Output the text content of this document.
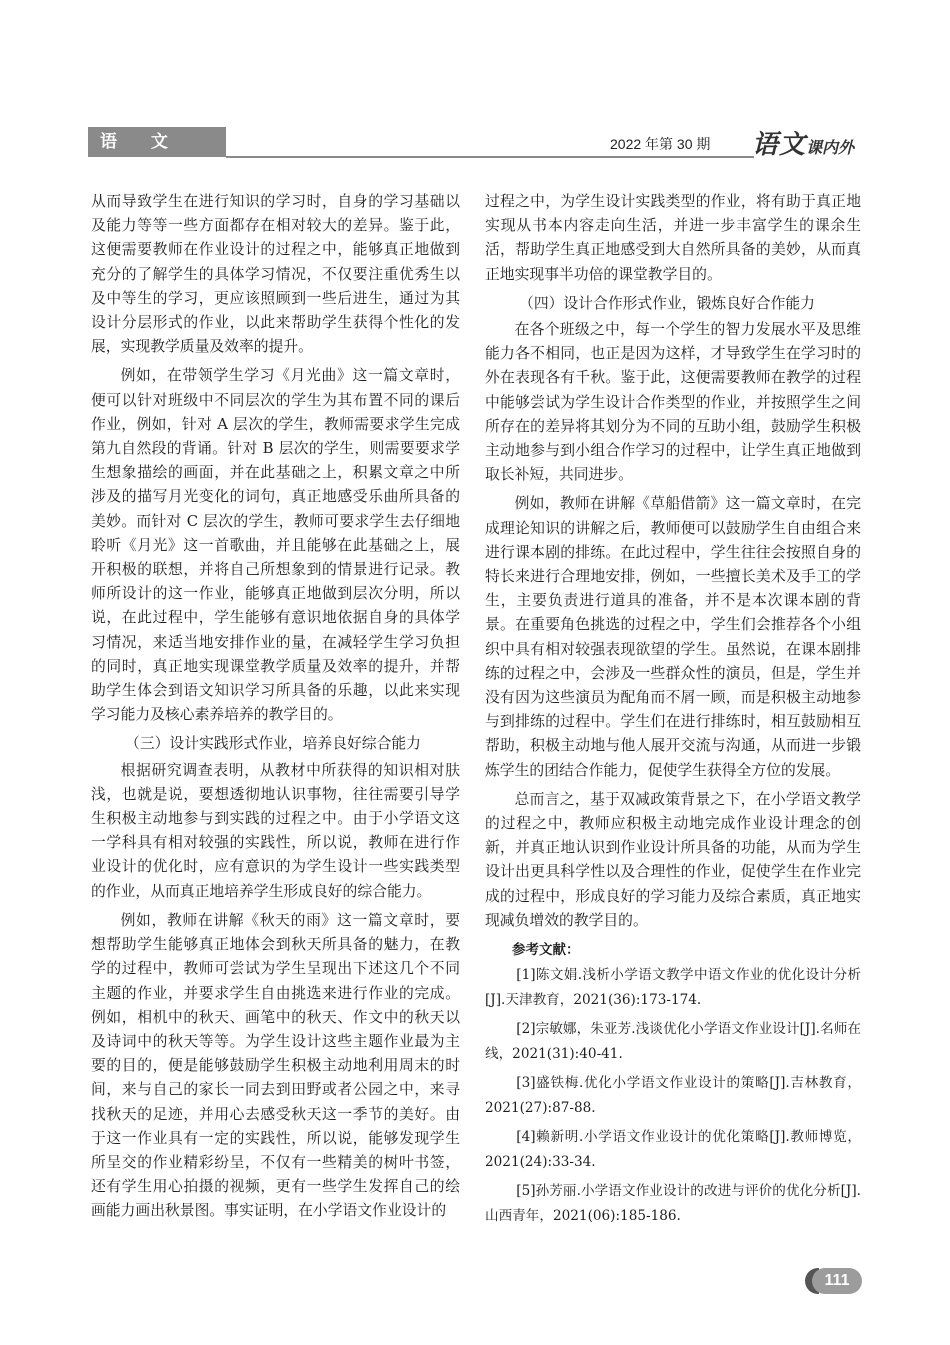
语 文 教 研
2022 年第 30 期 语文课内外

从而导致学生在进行知识的学习时，自身的学习基础以及能力等等一些方面都存在相对较大的差异。鉴于此，这便需要教师在作业设计的过程之中，能够真正地做到充分的了解学生的具体学习情况，不仅要注重优秀生以及中等生的学习，更应该照顾到一些后进生，通过为其设计分层形式的作业，以此来帮助学生获得个性化的发展，实现教学质量及效率的提升。

例如，在带领学生学习《月光曲》这一篇文章时，便可以针对班级中不同层次的学生为其布置不同的课后作业，例如，针对 A 层次的学生，教师需要求学生完成第九自然段的背诵。针对 B 层次的学生，则需要要求学生想象描绘的画面，并在此基础之上，积累文章之中所涉及的描写月光变化的词句，真正地感受乐曲所具备的美妙。而针对 C 层次的学生，教师可要求学生去仔细地聆听《月光》这一首歌曲，并且能够在此基础之上，展开积极的联想，并将自己所想象到的情景进行记录。教师所设计的这一作业，能够真正地做到层次分明，所以说，在此过程中，学生能够有意识地依据自身的具体学习情况，来适当地安排作业的量，在减轻学生学习负担的同时，真正地实现课堂教学质量及效率的提升，并帮助学生体会到语文知识学习所具备的乐趣，以此来实现学习能力及核心素养培养的教学目的。

（三）设计实践形式作业，培养良好综合能力

根据研究调查表明，从教材中所获得的知识相对肤浅，也就是说，要想透彻地认识事物，往往需要引导学生积极主动地参与到实践的过程之中。由于小学语文这一学科具有相对较强的实践性，所以说，教师在进行作业设计的优化时，应有意识的为学生设计一些实践类型的作业，从而真正地培养学生形成良好的综合能力。

例如，教师在讲解《秋天的雨》这一篇文章时，要想帮助学生能够真正地体会到秋天所具备的魅力，在教学的过程中，教师可尝试为学生呈现出下述这几个不同主题的作业，并要求学生自由挑选来进行作业的完成。例如，相机中的秋天、画笔中的秋天、作文中的秋天以及诗词中的秋天等等。为学生设计这些主题作业最为主要的目的，便是能够鼓励学生积极主动地利用周末的时间，来与自己的家长一同去到田野或者公园之中，来寻找秋天的足迹，并用心去感受秋天这一季节的美好。由于这一作业具有一定的实践性，所以说，能够发现学生所呈交的作业精彩纷呈，不仅有一些精美的树叶书签，还有学生用心拍摄的视频，更有一些学生发挥自己的绘画能力画出秋景图。事实证明，在小学语文作业设计的

过程之中，为学生设计实践类型的作业，将有助于真正地实现从书本内容走向生活，并进一步丰富学生的课余生活，帮助学生真正地感受到大自然所具备的美妙，从而真正地实现事半功倍的课堂教学目的。

（四）设计合作形式作业，锻炼良好合作能力

在各个班级之中，每一个学生的智力发展水平及思维能力各不相同，也正是因为这样，才导致学生在学习时的外在表现各有千秋。鉴于此，这便需要教师在教学的过程中能够尝试为学生设计合作类型的作业，并按照学生之间所存在的差异将其划分为不同的互助小组，鼓励学生积极主动地参与到小组合作学习的过程中，让学生真正地做到取长补短，共同进步。

例如，教师在讲解《草船借箭》这一篇文章时，在完成理论知识的讲解之后，教师便可以鼓励学生自由组合来进行课本剧的排练。在此过程中，学生往往会按照自身的特长来进行合理地安排，例如，一些擅长美术及手工的学生，主要负责进行道具的准备，并不是本次课本剧的背景。在重要角色挑选的过程之中，学生们会推荐各个小组织中具有相对较强表现欲望的学生。虽然说，在课本剧排练的过程之中，会涉及一些群众性的演员，但是，学生并没有因为这些演员为配角而不屑一顾，而是积极主动地参与到排练的过程中。学生们在进行排练时，相互鼓励相互帮助，积极主动地与他人展开交流与沟通，从而进一步锻炼学生的团结合作能力，促使学生获得全方位的发展。

总而言之，基于双减政策背景之下，在小学语文教学的过程之中，教师应积极主动地完成作业设计理念的创新，并真正地认识到作业设计所具备的功能，从而为学生设计出更具科学性以及合理性的作业，促使学生在作业完成的过程中，形成良好的学习能力及综合素质，真正地实现减负增效的教学目的。

参考文献：

[1]陈文娟.浅析小学语文教学中语文作业的优化设计分析[J].天津教育，2021(36):173-174.

[2]宗敏娜，朱亚芳.浅谈优化小学语文作业设计[J].名师在线，2021(31):40-41.

[3]盛铁梅.优化小学语文作业设计的策略[J].吉林教育，2021(27):87-88.

[4]赖新明.小学语文作业设计的优化策略[J].教师博览，2021(24):33-34.

[5]孙芳丽.小学语文作业设计的改进与评价的优化分析[J].山西青年，2021(06):185-186.

111
